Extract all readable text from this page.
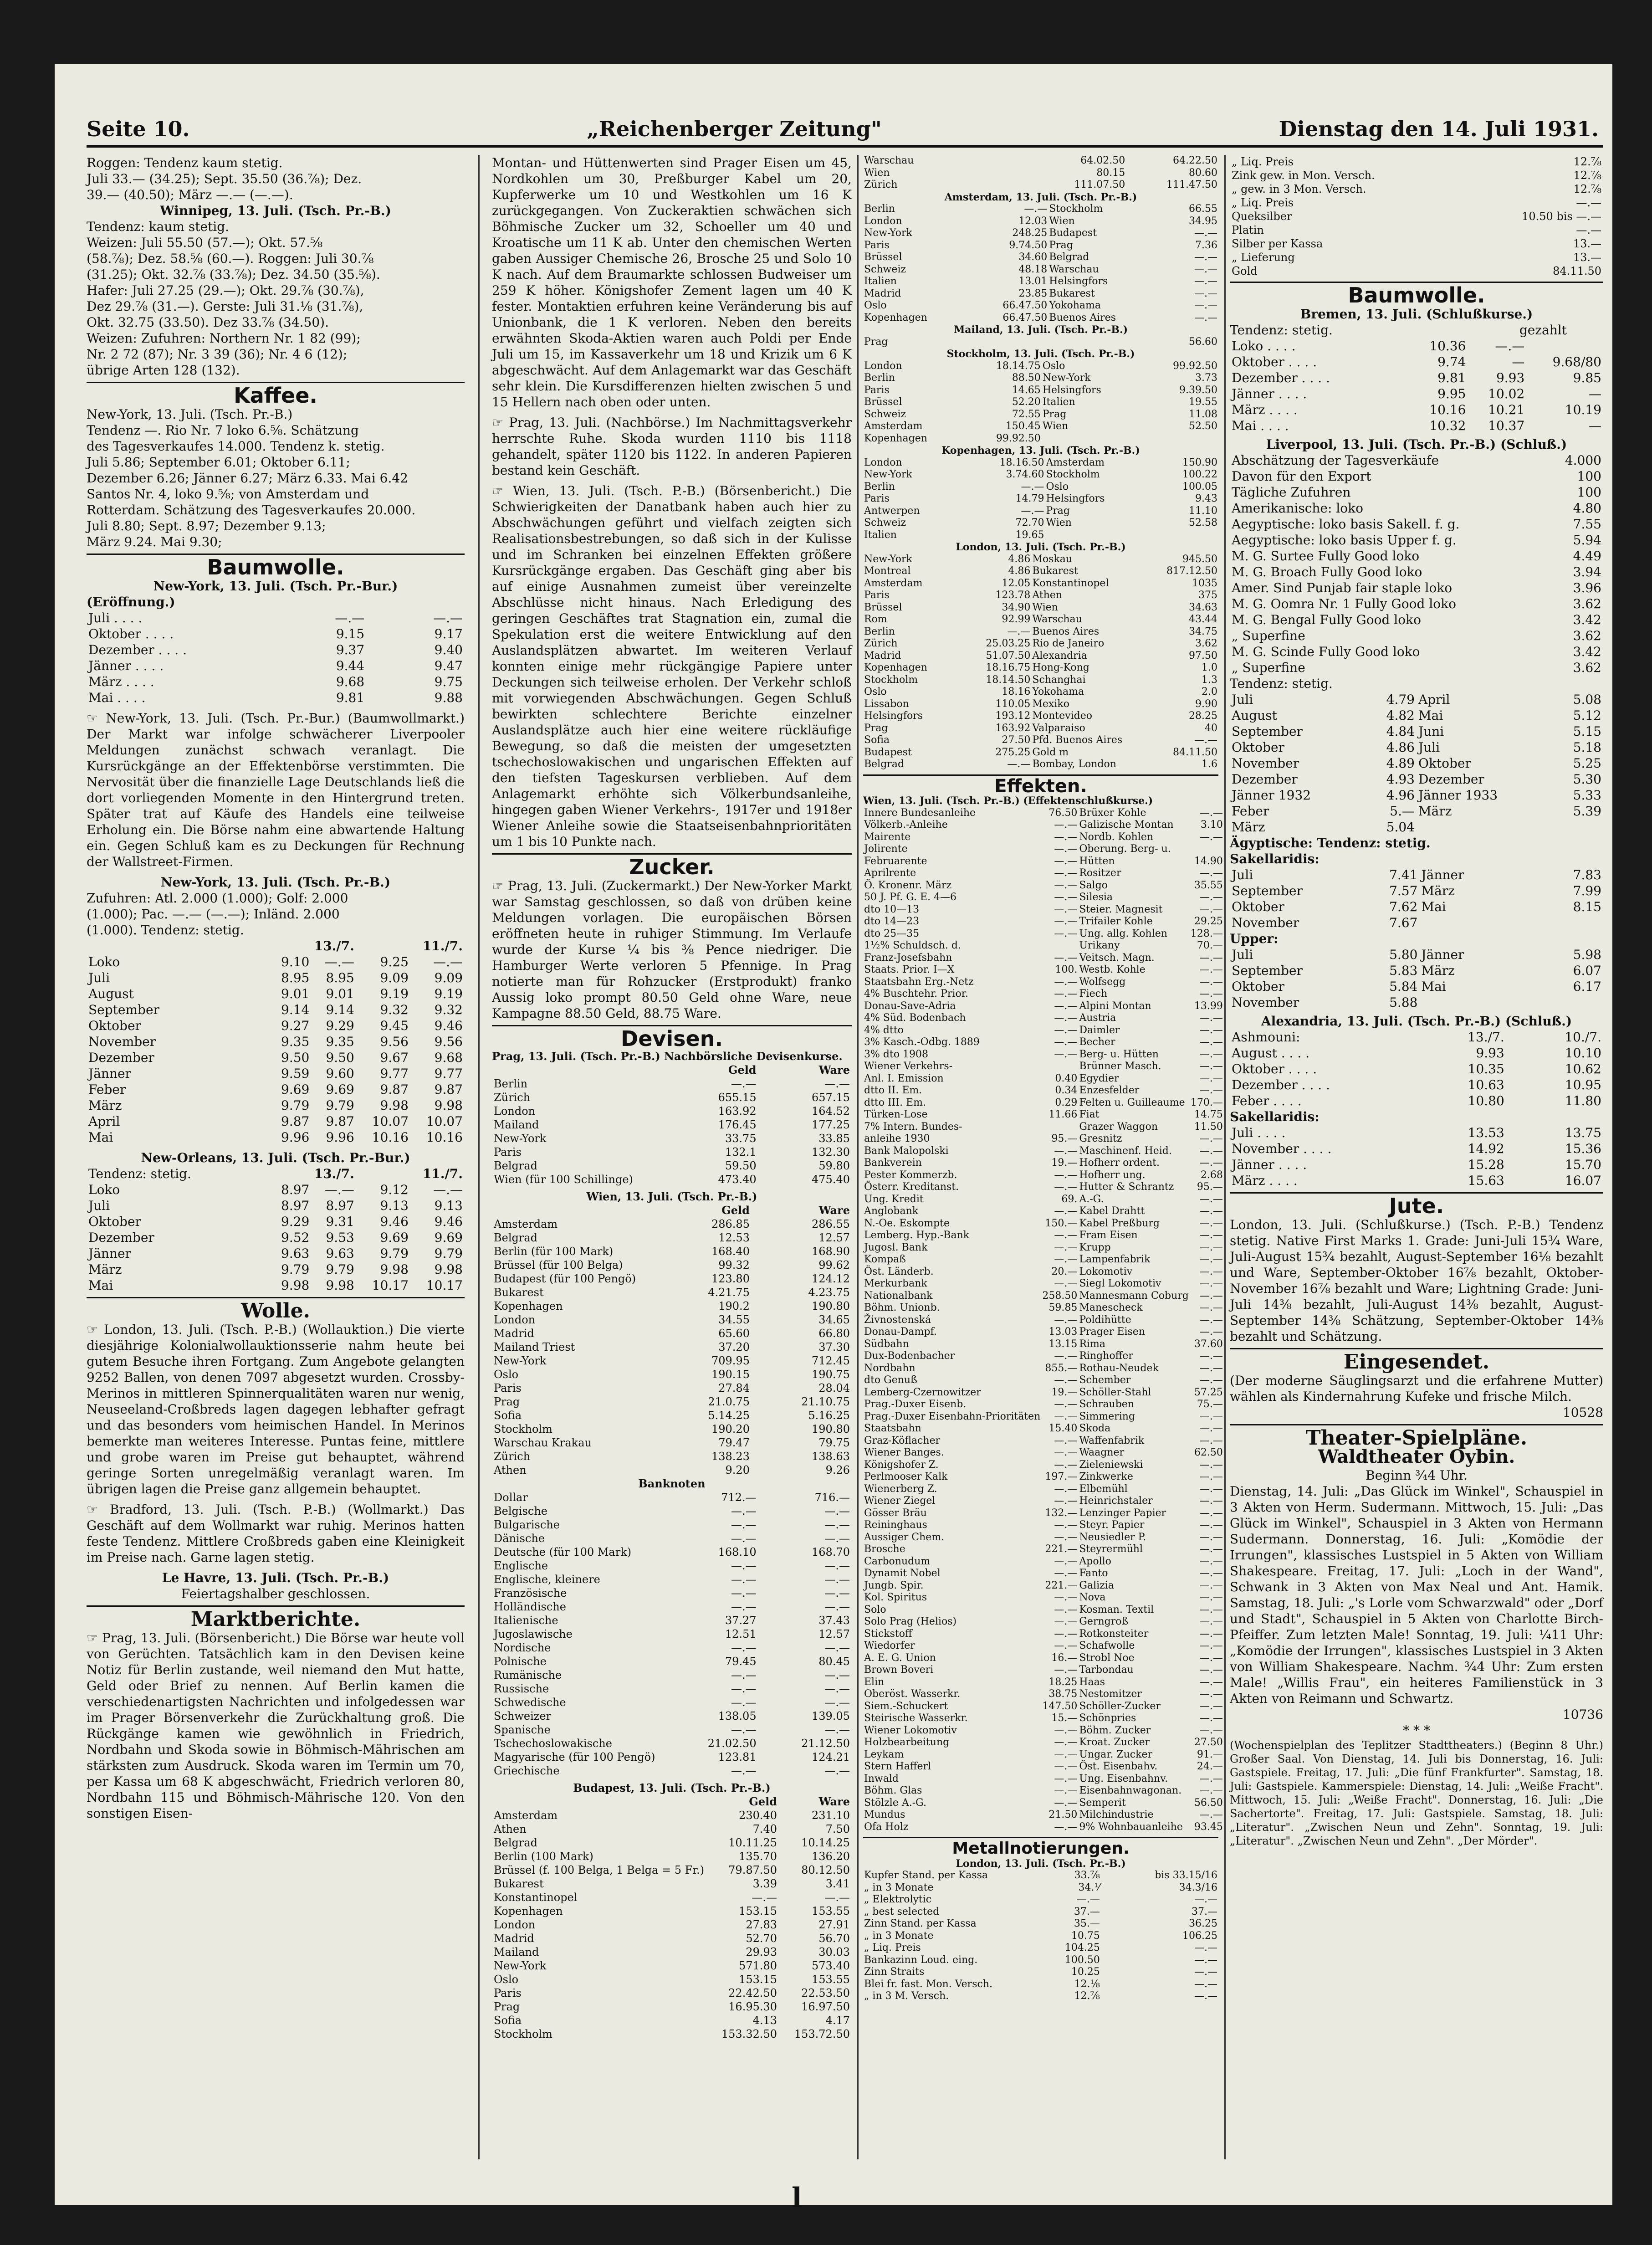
Seite 10.	„Reichenberger Zeitung"	Dienstag den 14. Juli 1931.
Roggen: Tendenz kaum stetig.
Juli 33.— (34.25); Sept. 35.50 (36.⅞); Dez.
39.— (40.50); März —.— (—.—).
Winnipeg, 13. Juli. (Tsch. Pr.-B.)
Tendenz: kaum stetig.
Weizen: Juli 55.50 (57.—); Okt. 57.⅝
(58.⅞); Dez. 58.⅝ (60.—). Roggen: Juli 30.⅞
(31.25); Okt. 32.⅞ (33.⅞); Dez. 34.50 (35.⅝).
Hafer: Juli 27.25 (29.—); Okt. 29.⅞ (30.⅞),
Dez 29.⅞ (31.—). Gerste: Juli 31.⅛ (31.⅞),
Okt. 32.75 (33.50). Dez 33.⅞ (34.50).
Weizen: Zufuhren: Northern Nr. 1 82 (99);
Nr. 2 72 (87); Nr. 3 39 (36); Nr. 4 6 (12);
übrige Arten 128 (132).
Kaffee.
New-York, 13. Juli. (Tsch. Pr.-B.)
Tendenz —. Rio Nr. 7 loko 6.⅝. Schätzung
des Tagesverkaufes 14.000. Tendenz k. stetig.
Juli 5.86; September 6.01; Oktober 6.11;
Dezember 6.26; Jänner 6.27; März 6.33. Mai 6.42
Santos Nr. 4, loko 9.⅝; von Amsterdam und
Rotterdam. Schätzung des Tagesverkaufes 20.000.
Juli 8.80; Sept. 8.97; Dezember 9.13;
März 9.24. Mai 9.30;
Baumwolle.
New-York, 13. Juli. (Tsch. Pr.-Bur.)
(Eröffnung.)
Juli . . . .	—.—	—.—
Oktober . . . .	9.15	9.17
Dezember . . . .	9.37	9.40
Jänner . . . .	9.44	9.47
März . . . .	9.68	9.75
Mai . . . .	9.81	9.88

☞ New-York, 13. Juli. (Tsch. Pr.-Bur.) (Baumwollmarkt.) Der Markt war infolge schwächerer Liverpooler Meldungen zunächst schwach veranlagt. Die Kursrückgänge an der Effektenbörse verstimmten. Die Nervosität über die finanzielle Lage Deutschlands ließ die dort vorliegenden Momente in den Hintergrund treten. Später trat auf Käufe des Handels eine teilweise Erholung ein. Die Börse nahm eine abwartende Haltung ein. Gegen Schluß kam es zu Deckungen für Rechnung der Wallstreet-Firmen.

New-York, 13. Juli. (Tsch. Pr.-B.)
Zufuhren: Atl. 2.000 (1.000); Golf: 2.000
(1.000); Pac. —.— (—.—); Inländ. 2.000
(1.000). Tendenz: stetig.
	13./7.		11./7.	
Loko	9.10	—.—	9.25	—.—
Juli	8.95	8.95	9.09	9.09
August	9.01	9.01	9.19	9.19
September	9.14	9.14	9.32	9.32
Oktober	9.27	9.29	9.45	9.46
November	9.35	9.35	9.56	9.56
Dezember	9.50	9.50	9.67	9.68
Jänner	9.59	9.60	9.77	9.77
Feber	9.69	9.69	9.87	9.87
März	9.79	9.79	9.98	9.98
April	9.87	9.87	10.07	10.07
Mai	9.96	9.96	10.16	10.16
New-Orleans, 13. Juli. (Tsch. Pr.-Bur.)
Tendenz: stetig.	13./7.		11./7.	
Loko	8.97	—.—	9.12	—.—
Juli	8.97	8.97	9.13	9.13
Oktober	9.29	9.31	9.46	9.46
Dezember	9.52	9.53	9.69	9.69
Jänner	9.63	9.63	9.79	9.79
März	9.79	9.79	9.98	9.98
Mai	9.98	9.98	10.17	10.17
Wolle.

☞ London, 13. Juli. (Tsch. P.-B.) (Wollauktion.) Die vierte diesjährige Kolonialwollauktionsserie nahm heute bei gutem Besuche ihren Fortgang. Zum Angebote gelangten 9252 Ballen, von denen 7097 abgesetzt wurden. Crossby-Merinos in mittleren Spinnerqualitäten waren nur wenig, Neuseeland-Croßbreds lagen dagegen lebhafter gefragt und das besonders vom heimischen Handel. In Merinos bemerkte man weiteres Interesse. Puntas feine, mittlere und grobe waren im Preise gut behauptet, während geringe Sorten unregelmäßig veranlagt waren. Im übrigen lagen die Preise ganz allgemein behauptet.

☞ Bradford, 13. Juli. (Tsch. P.-B.) (Wollmarkt.) Das Geschäft auf dem Wollmarkt war ruhig. Merinos hatten feste Tendenz. Mittlere Croßbreds gaben eine Kleinigkeit im Preise nach. Garne lagen stetig.

Le Havre, 13. Juli. (Tsch. Pr.-B.)
Feiertagshalber geschlossen.
Marktberichte.

☞ Prag, 13. Juli. (Börsenbericht.) Die Börse war heute voll von Gerüchten. Tatsächlich kam in den Devisen keine Notiz für Berlin zustande, weil niemand den Mut hatte, Geld oder Brief zu nennen. Auf Berlin kamen die verschiedenartigsten Nachrichten und infolgedessen war im Prager Börsenverkehr die Zurückhaltung groß. Die Rückgänge kamen wie gewöhnlich in Friedrich, Nordbahn und Skoda sowie in Böhmisch-Mährischen am stärksten zum Ausdruck. Skoda waren im Termin um 70, per Kassa um 68 K abgeschwächt, Friedrich verloren 80, Nordbahn 115 und Böhmisch-Mährische 120. Von den sonstigen Eisen-

Montan- und Hüttenwerten sind Prager Eisen um 45, Nordkohlen um 30, Preßburger Kabel um 20, Kupferwerke um 10 und Westkohlen um 16 K zurückgegangen. Von Zuckeraktien schwächen sich Böhmische Zucker um 32, Schoeller um 40 und Kroatische um 11 K ab. Unter den chemischen Werten gaben Aussiger Chemische 26, Brosche 25 und Solo 10 K nach. Auf dem Braumarkte schlossen Budweiser um 259 K höher. Königshofer Zement lagen um 40 K fester. Montaktien erfuhren keine Veränderung bis auf Unionbank, die 1 K verloren. Neben den bereits erwähnten Skoda-Aktien waren auch Poldi per Ende Juli um 15, im Kassaverkehr um 18 und Krizik um 6 K abgeschwächt. Auf dem Anlagemarkt war das Geschäft sehr klein. Die Kursdifferenzen hielten zwischen 5 und 15 Hellern nach oben oder unten.

☞ Prag, 13. Juli. (Nachbörse.) Im Nachmittagsverkehr herrschte Ruhe. Skoda wurden 1110 bis 1118 gehandelt, später 1120 bis 1122. In anderen Papieren bestand kein Geschäft.

☞ Wien, 13. Juli. (Tsch. P.-B.) (Börsenbericht.) Die Schwierigkeiten der Danatbank haben auch hier zu Abschwächungen geführt und vielfach zeigten sich Realisationsbestrebungen, so daß sich in der Kulisse und im Schranken bei einzelnen Effekten größere Kursrückgänge ergaben. Das Geschäft ging aber bis auf einige Ausnahmen zumeist über vereinzelte Abschlüsse nicht hinaus. Nach Erledigung des geringen Geschäftes trat Stagnation ein, zumal die Spekulation erst die weitere Entwicklung auf den Auslandsplätzen abwartet. Im weiteren Verlauf konnten einige mehr rückgängige Papiere unter Deckungen sich teilweise erholen. Der Verkehr schloß mit vorwiegenden Abschwächungen. Gegen Schluß bewirkten schlechtere Berichte einzelner Auslandsplätze auch hier eine weitere rückläufige Bewegung, so daß die meisten der umgesetzten tschechoslowakischen und ungarischen Effekten auf den tiefsten Tageskursen verblieben. Auf dem Anlagemarkt erhöhte sich Völkerbundsanleihe, hingegen gaben Wiener Verkehrs-, 1917er und 1918er Wiener Anleihe sowie die Staatseisenbahnprioritäten um 1 bis 10 Punkte nach.

Zucker.

☞ Prag, 13. Juli. (Zuckermarkt.) Der New-Yorker Markt war Samstag geschlossen, so daß von drüben keine Meldungen vorlagen. Die europäischen Börsen eröffneten heute in ruhiger Stimmung. Im Verlaufe wurde der Kurse ¼ bis ⅜ Pence niedriger. Die Hamburger Werte verloren 5 Pfennige. In Prag notierte man für Rohzucker (Erstprodukt) franko Aussig loko prompt 80.50 Geld ohne Ware, neue Kampagne 88.50 Geld, 88.75 Ware.

Devisen.
Prag, 13. Juli. (Tsch. Pr.-B.) Nachbörsliche Devisenkurse.
	Geld	Ware
Berlin	—.—	—.—
Zürich	655.15	657.15
London	163.92	164.52
Mailand	176.45	177.25
New-York	33.75	33.85
Paris	132.1	132.30
Belgrad	59.50	59.80
Wien (für 100 Schillinge)	473.40	475.40
Wien, 13. Juli. (Tsch. Pr.-B.)
	Geld	Ware
Amsterdam	286.85	286.55
Belgrad	12.53	12.57
Berlin (für 100 Mark)	168.40	168.90
Brüssel (für 100 Belga)	99.32	99.62
Budapest (für 100 Pengö)	123.80	124.12
Bukarest	4.21.75	4.23.75
Kopenhagen	190.2	190.80
London	34.55	34.65
Madrid	65.60	66.80
Mailand Triest	37.20	37.30
New-York	709.95	712.45
Oslo	190.15	190.75
Paris	27.84	28.04
Prag	21.0.75	21.10.75
Sofia	5.14.25	5.16.25
Stockholm	190.20	190.80
Warschau Krakau	79.47	79.75
Zürich	138.23	138.63
Athen	9.20	9.26
Banknoten
Dollar	712.—	716.—
Belgische	—.—	—.—
Bulgarische	—.—	—.—
Dänische	—.—	—.—
Deutsche (für 100 Mark)	168.10	168.70
Englische	—.—	—.—
Englische, kleinere	—.—	—.—
Französische	—.—	—.—
Holländische	—.—	—.—
Italienische	37.27	37.43
Jugoslawische	12.51	12.57
Nordische	—.—	—.—
Polnische	79.45	80.45
Rumänische	—.—	—.—
Russische	—.—	—.—
Schwedische	—.—	—.—
Schweizer	138.05	139.05
Spanische	—.—	—.—
Tschechoslowakische	21.02.50	21.12.50
Magyarische (für 100 Pengö)	123.81	124.21
Griechische	—.—	—.—
Budapest, 13. Juli. (Tsch. Pr.-B.)
	Geld	Ware
Amsterdam	230.40	231.10
Athen	7.40	7.50
Belgrad	10.11.25	10.14.25
Berlin (100 Mark)	135.70	136.20
Brüssel (f. 100 Belga, 1 Belga = 5 Fr.)	79.87.50	80.12.50
Bukarest	3.39	3.41
Konstantinopel	—.—	—.—
Kopenhagen	153.15	153.55
London	27.83	27.91
Madrid	52.70	56.70
Mailand	29.93	30.03
New-York	571.80	573.40
Oslo	153.15	153.55
Paris	22.42.50	22.53.50
Prag	16.95.30	16.97.50
Sofia	4.13	4.17
Stockholm	153.32.50	153.72.50
Warschau	64.02.50	64.22.50
Wien	80.15	80.60
Zürich	111.07.50	111.47.50
Amsterdam, 13. Juli. (Tsch. Pr.-B.)
Berlin	—.—	Stockholm	66.55
London	12.03	Wien	34.95
New-York	248.25	Budapest	—.—
Paris	9.74.50	Prag	7.36
Brüssel	34.60	Belgrad	—.—
Schweiz	48.18	Warschau	—.—
Italien	13.01	Helsingfors	—.—
Madrid	23.85	Bukarest	—.—
Oslo	66.47.50	Yokohama	—.—
Kopenhagen	66.47.50	Buenos Aires	—.—
Mailand, 13. Juli. (Tsch. Pr.-B.)
Prag			56.60
Stockholm, 13. Juli. (Tsch. Pr.-B.)
London	18.14.75	Oslo	99.92.50
Berlin	88.50	New-York	3.73
Paris	14.65	Helsingfors	9.39.50
Brüssel	52.20	Italien	19.55
Schweiz	72.55	Prag	11.08
Amsterdam	150.45	Wien	52.50
Kopenhagen	99.92.50		
Kopenhagen, 13. Juli. (Tsch. Pr.-B.)
London	18.16.50	Amsterdam	150.90
New-York	3.74.60	Stockholm	100.22
Berlin	—.—	Oslo	100.05
Paris	14.79	Helsingfors	9.43
Antwerpen	—.—	Prag	11.10
Schweiz	72.70	Wien	52.58
Italien	19.65		
London, 13. Juli. (Tsch. Pr.-B.)
New-York	4.86	Moskau	945.50
Montreal	4.86	Bukarest	817.12.50
Amsterdam	12.05	Konstantinopel	1035
Paris	123.78	Athen	375
Brüssel	34.90	Wien	34.63
Rom	92.99	Warschau	43.44
Berlin	—.—	Buenos Aires	34.75
Zürich	25.03.25	Rio de Janeiro	3.62
Madrid	51.07.50	Alexandria	97.50
Kopenhagen	18.16.75	Hong-Kong	1.0
Stockholm	18.14.50	Schanghai	1.3
Oslo	18.16	Yokohama	2.0
Lissabon	110.05	Mexiko	9.90
Helsingfors	193.12	Montevideo	28.25
Prag	163.92	Valparaiso	40
Sofia	27.50	Pfd. Buenos Aires	—.—
Budapest	275.25	Gold m	84.11.50
Belgrad	—.—	Bombay, London	1.6
Effekten.
Wien, 13. Juli. (Tsch. Pr.-B.) (Effektenschlußkurse.)
Innere Bundesanleihe	76.50	Brüxer Kohle	—.—
Völkerb.-Anleihe	—.—	Galizische Montan	3.10
Mairente	—.—	Nordb. Kohlen	—.—
Jolirente	—.—	Oberung. Berg- u.	
Februarente	—.—	Hütten	14.90
Aprilrente	—.—	Rositzer	—.—
Ö. Kronenr. März	—.—	Salgo	35.55
50 J. Pf. G. E. 4—6	—.—	Silesia	—.—
dto 10—13	—.—	Steier. Magnesit	—.—
dto 14—23	—.—	Trifailer Kohle	29.25
dto 25—35	—.—	Ung. allg. Kohlen	128.—
1½% Schuldsch. d.		Urikany	70.—
Franz-Josefsbahn	—.—	Veitsch. Magn.	—.—
Staats. Prior. I—X	100.	Westb. Kohle	—.—
Staatsbahn Erg.-Netz	—.—	Wolfsegg	—.—
4% Buschtehr. Prior.	—.—	Fiech	—.—
Donau-Save-Adria	—.—	Alpini Montan	13.99
4% Süd. Bodenbach	—.—	Austria	—.—
4% dtto	—.—	Daimler	—.—
3% Kasch.-Odbg. 1889	—.—	Becher	—.—
3% dto 1908	—.—	Berg- u. Hütten	—.—
Wiener Verkehrs-		Brünner Masch.	—.—
Anl. I. Emission	0.40	Egydier	—.—
dtto II. Em.	0.34	Enzesfelder	—.—
dtto III. Em.	0.29	Felten u. Guilleaume	170.—
Türken-Lose	11.66	Fiat	14.75
7% Intern. Bundes-		Grazer Waggon	11.50
anleihe 1930	95.—	Gresnitz	—.—
Bank Malopolski	—.—	Maschinenf. Heid.	—.—
Bankverein	19.—	Hofherr ordent.	—.—
Pester Kommerzb.	—.—	Hofherr ung.	2.68
Österr. Kreditanst.	—.—	Hutter & Schrantz	95.—
Ung. Kredit	69.	A.-G.	—.—
Anglobank	—.—	Kabel Drahtt	—.—
N.-Oe. Eskompte	150.—	Kabel Preßburg	—.—
Lemberg. Hyp.-Bank	—.—	Fram Eisen	—.—
Jugosl. Bank	—.—	Krupp	—.—
Kompaß	—.—	Lampenfabrik	—.—
Öst. Länderb.	20.—	Lokomotiv	—.—
Merkurbank	—.—	Siegl Lokomotiv	—.—
Nationalbank	258.50	Mannesmann Coburg	—.—
Böhm. Unionb.	59.85	Manescheck	—.—
Živnostenská	—.—	Poldihütte	—.—
Donau-Dampf.	13.03	Prager Eisen	—.—
Südbahn	13.15	Rima	37.60
Dux-Bodenbacher	—.—	Ringhoffer	—.—
Nordbahn	855.—	Rothau-Neudek	—.—
dto Genuß	—.—	Schember	—.—
Lemberg-Czernowitzer	19.—	Schöller-Stahl	57.25
Prag.-Duxer Eisenb.	—.—	Schrauben	75.—
Prag.-Duxer Eisenbahn-Prioritäten	—.—	Simmering	—.—
Staatsbahn	15.40	Skoda	—.—
Graz-Köflacher	—.—	Waffenfabrik	—.—
Wiener Banges.	—.—	Waagner	62.50
Königshofer Z.	—.—	Zieleniewski	—.—
Perlmooser Kalk	197.—	Zinkwerke	—.—
Wienerberg Z.	—.—	Elbemühl	—.—
Wiener Ziegel	—.—	Heinrichstaler	—.—
Gösser Bräu	132.—	Lenzinger Papier	—.—
Reininghaus	—.—	Steyr. Papier	—.—
Aussiger Chem.	—.—	Neusiedler P.	—.—
Brosche	221.—	Steyrermühl	—.—
Carbonudum	—.—	Apollo	—.—
Dynamit Nobel	—.—	Fanto	—.—
Jungb. Spir.	221.—	Galizia	—.—
Kol. Spiritus	—.—	Nova	—.—
Solo	—.—	Kosman. Textil	—.—
Solo Prag (Helios)	—.—	Gerngroß	—.—
Stickstoff	—.—	Rotkonsteiter	—.—
Wiedorfer	—.—	Schafwolle	—.—
A. E. G. Union	16.—	Strobl Noe	—.—
Brown Boveri	—.—	Tarbondau	—.—
Elin	18.25	Haas	—.—
Oberöst. Wasserkr.	38.75	Nestomitzer	—.—
Siem.-Schuckert	147.50	Schöller-Zucker	—.—
Steirische Wasserkr.	15.—	Schönpries	—.—
Wiener Lokomotiv	—.—	Böhm. Zucker	—.—
Holzbearbeitung	—.—	Kroat. Zucker	27.50
Leykam	—.—	Ungar. Zucker	91.—
Stern Hafferl	—.—	Öst. Eisenbahv.	24.—
Inwald	—.—	Ung. Eisenbahnv.	—.—
Böhm. Glas	—.—	Eisenbahnwagonan.	—.—
Stölzle A.-G.	—.—	Semperit	56.50
Mundus	21.50	Milchindustrie	—.—
Ofa Holz	—.—	9% Wohnbauanleihe	93.45
Metallnotierungen.
London, 13. Juli. (Tsch. Pr.-B.)
Kupfer Stand. per Kassa	33.⅞	bis 33.15/16
„ in 3 Monate	34.⅟	34.3/16
„ Elektrolytic	—.—	—.—
„ best selected	37.—	37.—
Zinn Stand. per Kassa	35.—	36.25
„ in 3 Monate	10.75	106.25
„ Liq. Preis	104.25	—.—
Bankazinn Loud. eing.	100.50	—.—
Zinn Straits	10.25	—.—
Blei fr. fast. Mon. Versch.	12.⅛	—.—
„ in 3 M. Versch.	12.⅞	—.—
„ Liq. Preis	12.⅞
Zink gew. in Mon. Versch.	12.⅞
„ gew. in 3 Mon. Versch.	12.⅞
„ Liq. Preis	—.—
Queksilber	10.50 bis —.—
Platin	—.—
Silber per Kassa	13.—
„ Lieferung	13.—
Gold	84.11.50
Baumwolle.
Bremen, 13. Juli. (Schlußkurse.)
Tendenz: stetig.	gezahlt
Loko . . . .	10.36	—.—	
Oktober . . . .	9.74	—	9.68/80
Dezember . . . .	9.81	9.93	9.85
Jänner . . . .	9.95	10.02	—
März . . . .	10.16	10.21	10.19
Mai . . . .	10.32	10.37	—
Liverpool, 13. Juli. (Tsch. Pr.-B.) (Schluß.)
Abschätzung der Tagesverkäufe	4.000
Davon für den Export	100
Tägliche Zufuhren	100
Amerikanische: loko	4.80
Aegyptische: loko basis Sakell. f. g.	7.55
Aegyptische: loko basis Upper f. g.	5.94
M. G. Surtee Fully Good loko	4.49
M. G. Broach Fully Good loko	3.94
Amer. Sind Punjab fair staple loko	3.96
M. G. Oomra Nr. 1 Fully Good loko	3.62
M. G. Bengal Fully Good loko	3.42
„ Superfine	3.62
M. G. Scinde Fully Good loko	3.42
„ Superfine	3.62
Tendenz: stetig.
Juli	4.79	April	5.08
August	4.82	Mai	5.12
September	4.84	Juni	5.15
Oktober	4.86	Juli	5.18
November	4.89	Oktober	5.25
Dezember	4.93	Dezember	5.30
Jänner 1932	4.96	Jänner 1933	5.33
Feber	5.—	März	5.39
März	5.04		
Ägyptische: Tendenz: stetig.
Sakellaridis:
Juli	7.41	Jänner	7.83
September	7.57	März	7.99
Oktober	7.62	Mai	8.15
November	7.67		
Upper:
Juli	5.80	Jänner	5.98
September	5.83	März	6.07
Oktober	5.84	Mai	6.17
November	5.88		
Alexandria, 13. Juli. (Tsch. Pr.-B.) (Schluß.)
Ashmouni:	13./7.	10./7.
August . . . .	9.93	10.10
Oktober . . . .	10.35	10.62
Dezember . . . .	10.63	10.95
Feber . . . .	10.80	11.80
Sakellaridis:
Juli . . . .	13.53	13.75
November . . . .	14.92	15.36
Jänner . . . .	15.28	15.70
März . . . .	15.63	16.07
Jute.

London, 13. Juli. (Schlußkurse.) (Tsch. P.-B.) Tendenz stetig. Native First Marks 1. Grade: Juni-Juli 15¾ Ware, Juli-August 15¾ bezahlt, August-September 16⅛ bezahlt und Ware, September-Oktober 16⅞ bezahlt, Oktober-November 16⅞ bezahlt und Ware; Lightning Grade: Juni-Juli 14⅜ bezahlt, Juli-August 14⅜ bezahlt, August-September 14⅜ Schätzung, September-Oktober 14⅜ bezahlt und Schätzung.

Eingesendet.

(Der moderne Säuglingsarzt und die erfahrene Mutter) wählen als Kindernahrung Kufeke und frische Milch.

10528
Theater-Spielpläne.
Waldtheater Oybin.
Beginn ¾4 Uhr.

Dienstag, 14. Juli: „Das Glück im Winkel", Schauspiel in 3 Akten von Herm. Sudermann. Mittwoch, 15. Juli: „Das Glück im Winkel", Schauspiel in 3 Akten von Hermann Sudermann. Donnerstag, 16. Juli: „Komödie der Irrungen", klassisches Lustspiel in 5 Akten von William Shakespeare. Freitag, 17. Juli: „Loch in der Wand", Schwank in 3 Akten von Max Neal und Ant. Hamik. Samstag, 18. Juli: „'s Lorle vom Schwarzwald" oder „Dorf und Stadt", Schauspiel in 5 Akten von Charlotte Birch-Pfeiffer. Zum letzten Male! Sonntag, 19. Juli: ¼11 Uhr: „Komödie der Irrungen", klassisches Lustspiel in 3 Akten von William Shakespeare. Nachm. ¾4 Uhr: Zum ersten Male! „Willis Frau", ein heiteres Familienstück in 3 Akten von Reimann und Schwartz.

10736
* * *

(Wochenspielplan des Teplitzer Stadttheaters.) (Beginn 8 Uhr.) Großer Saal. Von Dienstag, 14. Juli bis Donnerstag, 16. Juli: Gastspiele. Freitag, 17. Juli: „Die fünf Frankfurter". Samstag, 18. Juli: Gastspiele. Kammerspiele: Dienstag, 14. Juli: „Weiße Fracht". Mittwoch, 15. Juli: „Weiße Fracht". Donnerstag, 16. Juli: „Die Sachertorte". Freitag, 17. Juli: Gastspiele. Samstag, 18. Juli: „Literatur". „Zwischen Neun und Zehn". Sonntag, 19. Juli: „Literatur". „Zwischen Neun und Zehn". „Der Mörder".

l
